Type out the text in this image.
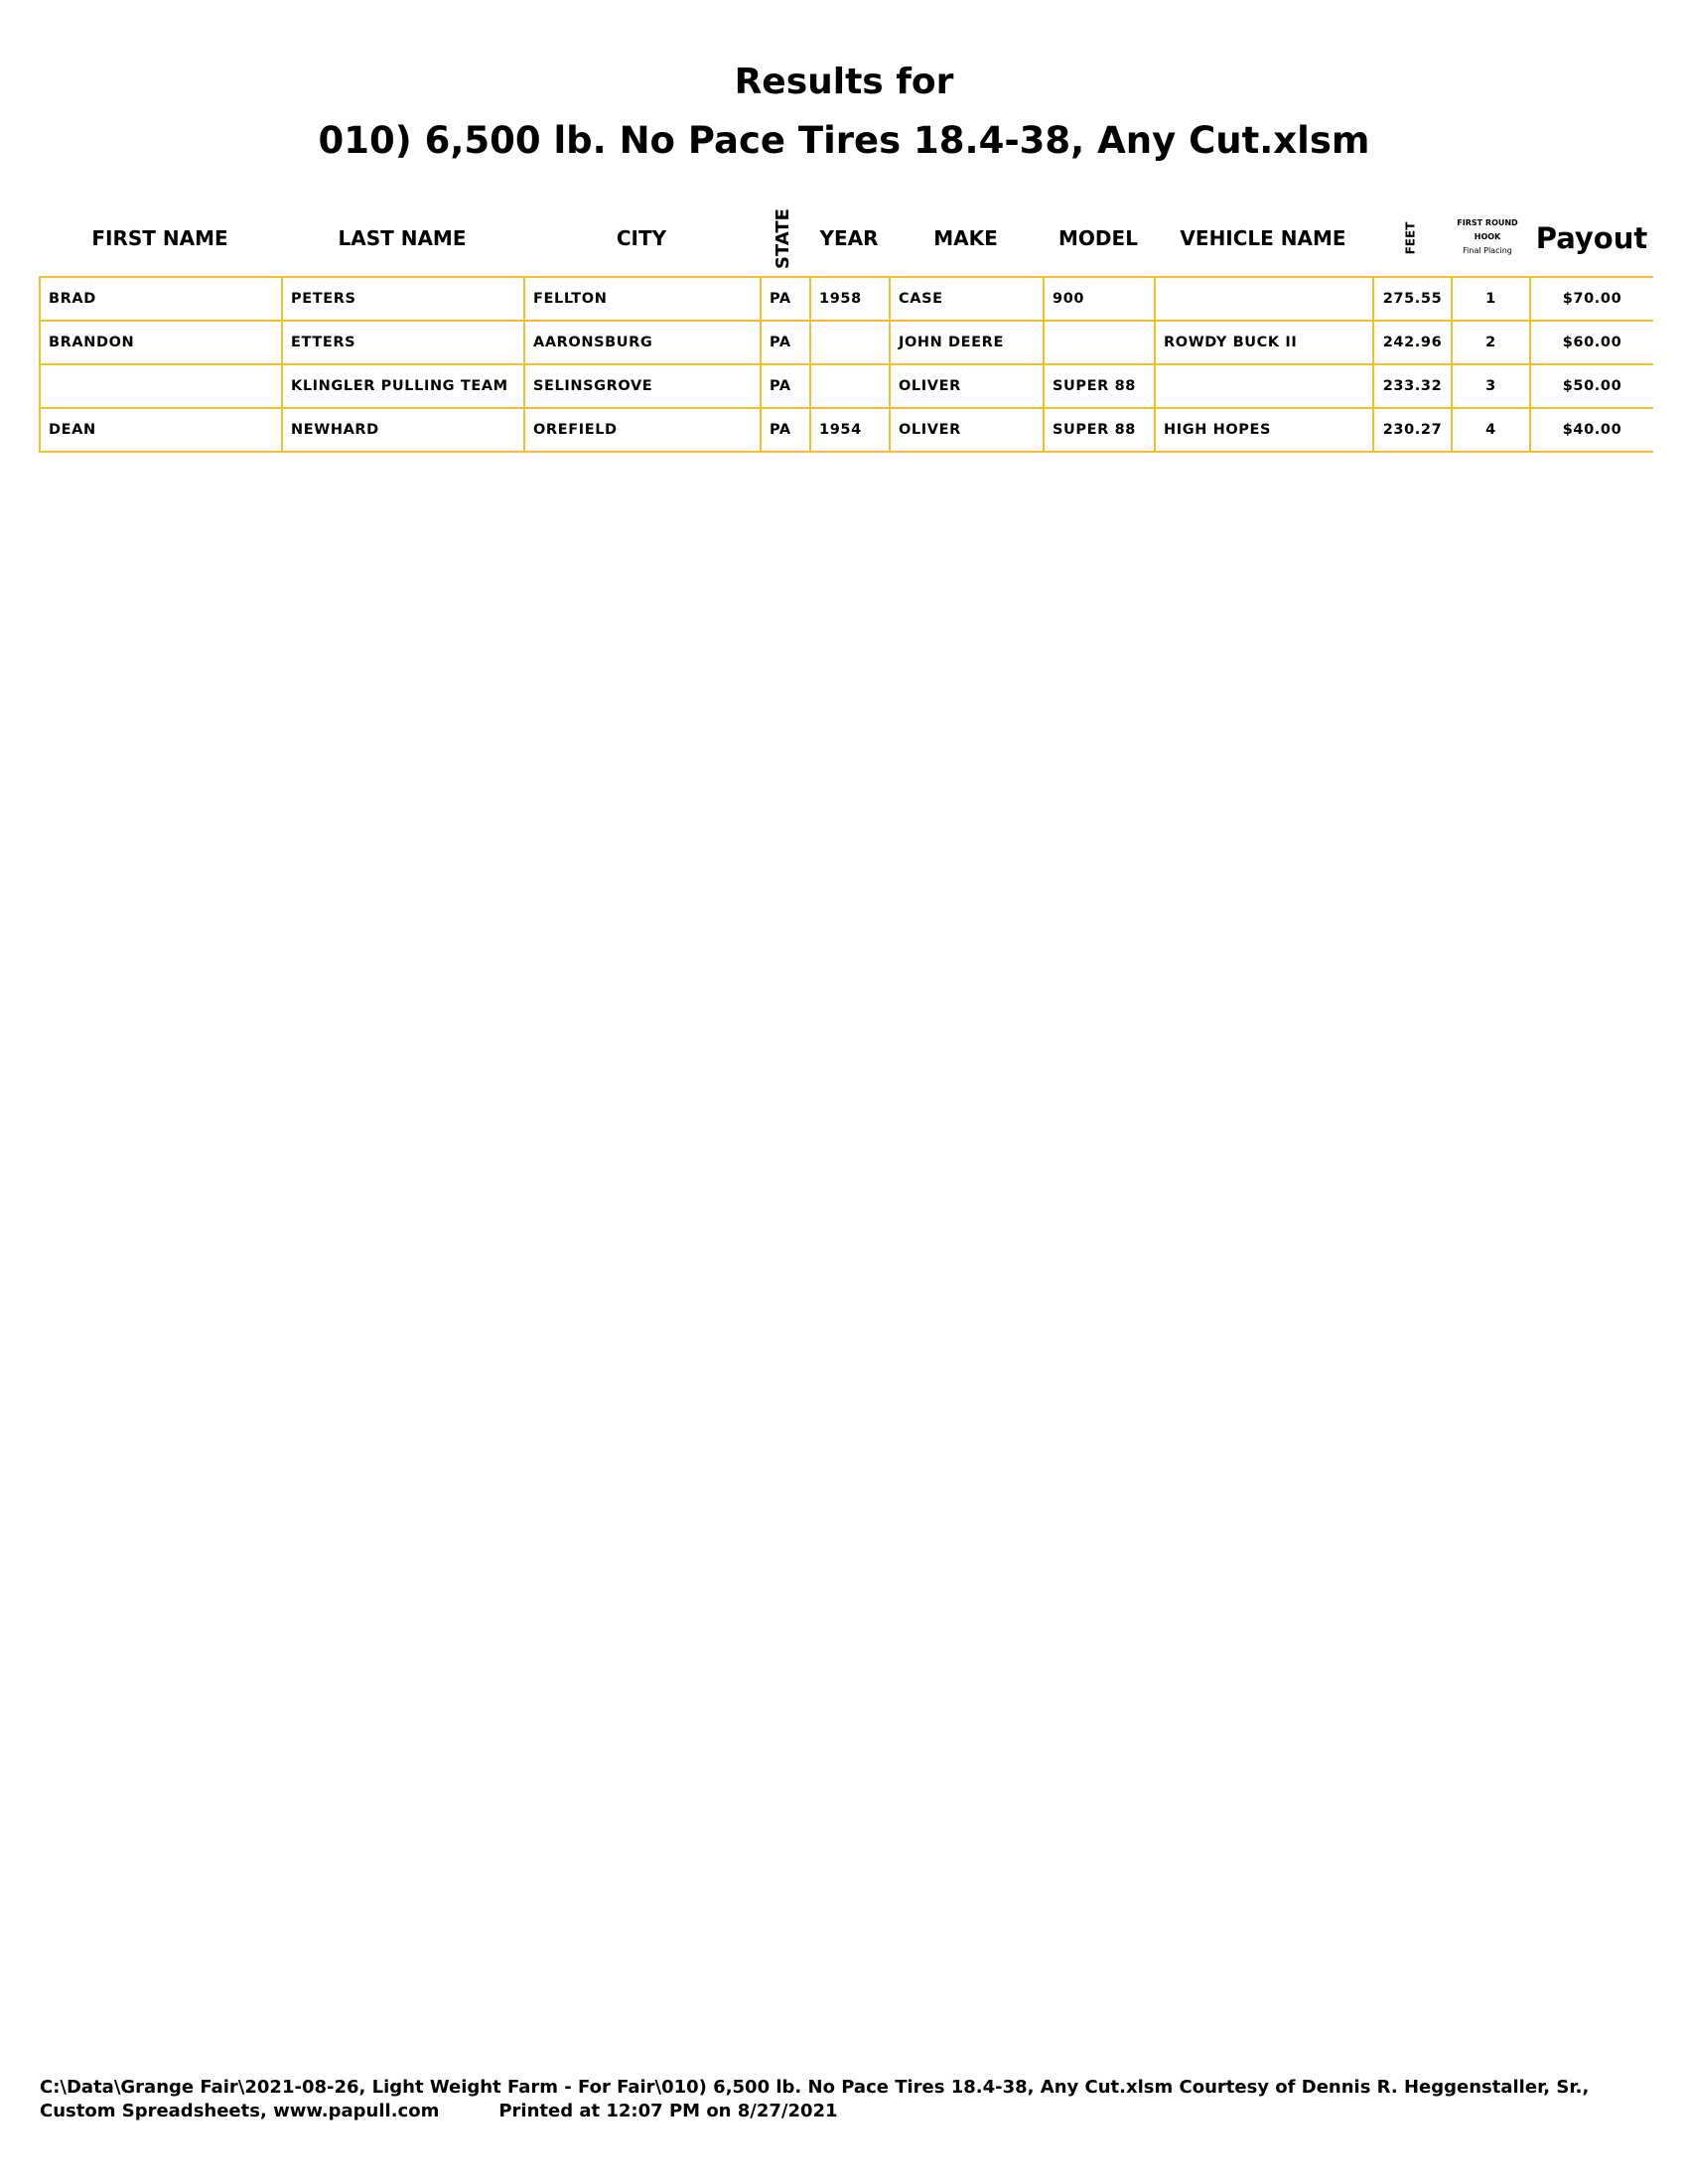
Results for
010) 6,500 lb. No Pace Tires 18.4-38, Any Cut.xlsm
FIRST NAME	LAST NAME	CITY	STATE	YEAR	MAKE	MODEL	VEHICLE NAME	FEET	FIRST ROUND
HOOK
Final Placing Payout
BRAD	PETERS	FELLTON	PA	1958	CASE	900		275.55	1	$70.00
BRANDON	ETTERS	AARONSBURG	PA		JOHN DEERE		ROWDY BUCK II	242.96	2	$60.00
	KLINGLER PULLING TEAM	SELINSGROVE	PA		OLIVER	SUPER 88		233.32	3	$50.00
DEAN	NEWHARD	OREFIELD	PA	1954	OLIVER	SUPER 88	HIGH HOPES	230.27	4	$40.00
C:\Data\Grange Fair\2021-08-26, Light Weight Farm - For Fair\010) 6,500 lb. No Pace Tires 18.4-38, Any Cut.xlsm Courtesy of Dennis R. Heggenstaller, Sr.,
Custom Spreadsheets, www.papull.com	Printed at 12:07 PM on 8/27/2021
